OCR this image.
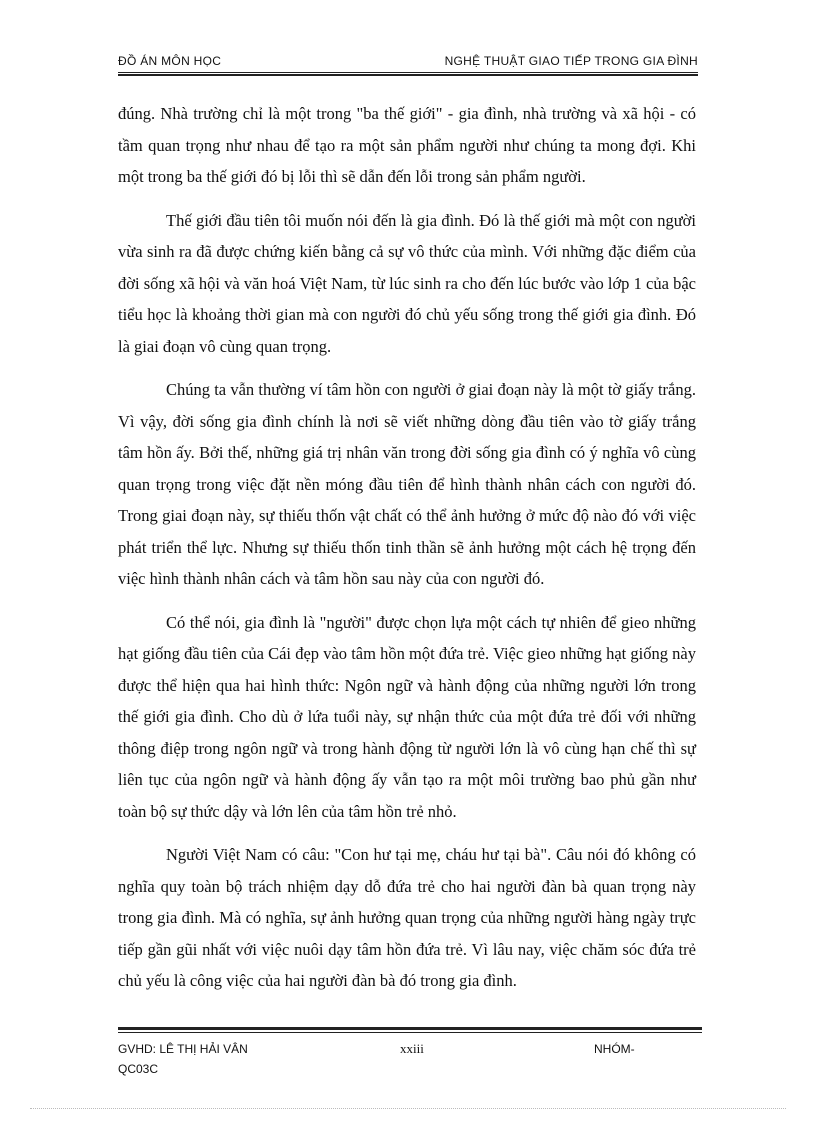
ĐỒ ÁN MÔN HỌC	NGHỆ THUẬT GIAO TIẾP TRONG GIA ĐÌNH

đúng. Nhà trường chỉ là một trong "ba thế giới" - gia đình, nhà trường và xã hội - có tầm quan trọng như nhau để tạo ra một sản phẩm người như chúng ta mong đợi. Khi một trong ba thế giới đó bị lỗi thì sẽ dẫn đến lỗi trong sản phẩm người.

Thế giới đầu tiên tôi muốn nói đến là gia đình. Đó là thế giới mà một con người vừa sinh ra đã được chứng kiến bằng cả sự vô thức của mình. Với những đặc điểm của đời sống xã hội và văn hoá Việt Nam, từ lúc sinh ra cho đến lúc bước vào lớp 1 của bậc tiểu học là khoảng thời gian mà con người đó chủ yếu sống trong thế giới gia đình. Đó là giai đoạn vô cùng quan trọng.

Chúng ta vẫn thường ví tâm hồn con người ở giai đoạn này là một tờ giấy trắng. Vì vậy, đời sống gia đình chính là nơi sẽ viết những dòng đầu tiên vào tờ giấy trắng tâm hồn ấy. Bởi thế, những giá trị nhân văn trong đời sống gia đình có ý nghĩa vô cùng quan trọng trong việc đặt nền móng đầu tiên để hình thành nhân cách con người đó. Trong giai đoạn này, sự thiếu thốn vật chất có thể ảnh hưởng ở mức độ nào đó với việc phát triển thể lực. Nhưng sự thiếu thốn tinh thần sẽ ảnh hưởng một cách hệ trọng đến việc hình thành nhân cách và tâm hồn sau này của con người đó.

Có thể nói, gia đình là "người" được chọn lựa một cách tự nhiên để gieo những hạt giống đầu tiên của Cái đẹp vào tâm hồn một đứa trẻ. Việc gieo những hạt giống này được thể hiện qua hai hình thức: Ngôn ngữ và hành động của những người lớn trong thế giới gia đình. Cho dù ở lứa tuổi này, sự nhận thức của một đứa trẻ đối với những thông điệp trong ngôn ngữ và trong hành động từ người lớn là vô cùng hạn chế thì sự liên tục của ngôn ngữ và hành động ấy vẫn tạo ra một môi trường bao phủ gần như toàn bộ sự thức dậy và lớn lên của tâm hồn trẻ nhỏ.

Người Việt Nam có câu: "Con hư tại mẹ, cháu hư tại bà". Câu nói đó không có nghĩa quy toàn bộ trách nhiệm dạy dỗ đứa trẻ cho hai người đàn bà quan trọng này trong gia đình. Mà có nghĩa, sự ảnh hưởng quan trọng của những người hàng ngày trực tiếp gần gũi nhất với việc nuôi dạy tâm hồn đứa trẻ. Vì lâu nay, việc chăm sóc đứa trẻ chủ yếu là công việc của hai người đàn bà đó trong gia đình.

GVHD: LÊ THỊ HẢI VÂN	xxiii	NHÓM-
QC03C
